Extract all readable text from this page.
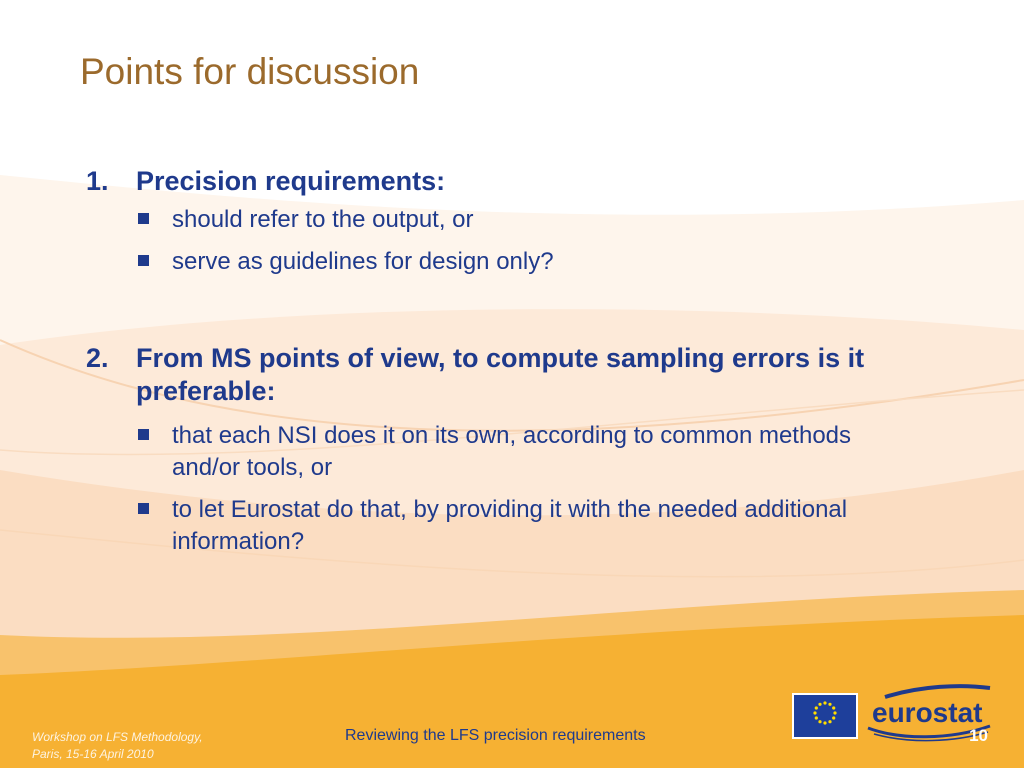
Points for discussion
1.	Precision requirements:
should refer to the output, or
serve as guidelines for design only?
2.	From MS points of view, to compute sampling errors is it preferable:
that each NSI does it on its own, according to common methods and/or tools, or
to let Eurostat do that, by providing it with the needed additional information?
Workshop on LFS Methodology,
Paris, 15-16 April 2010
Reviewing the LFS precision requirements
eurostat
10
